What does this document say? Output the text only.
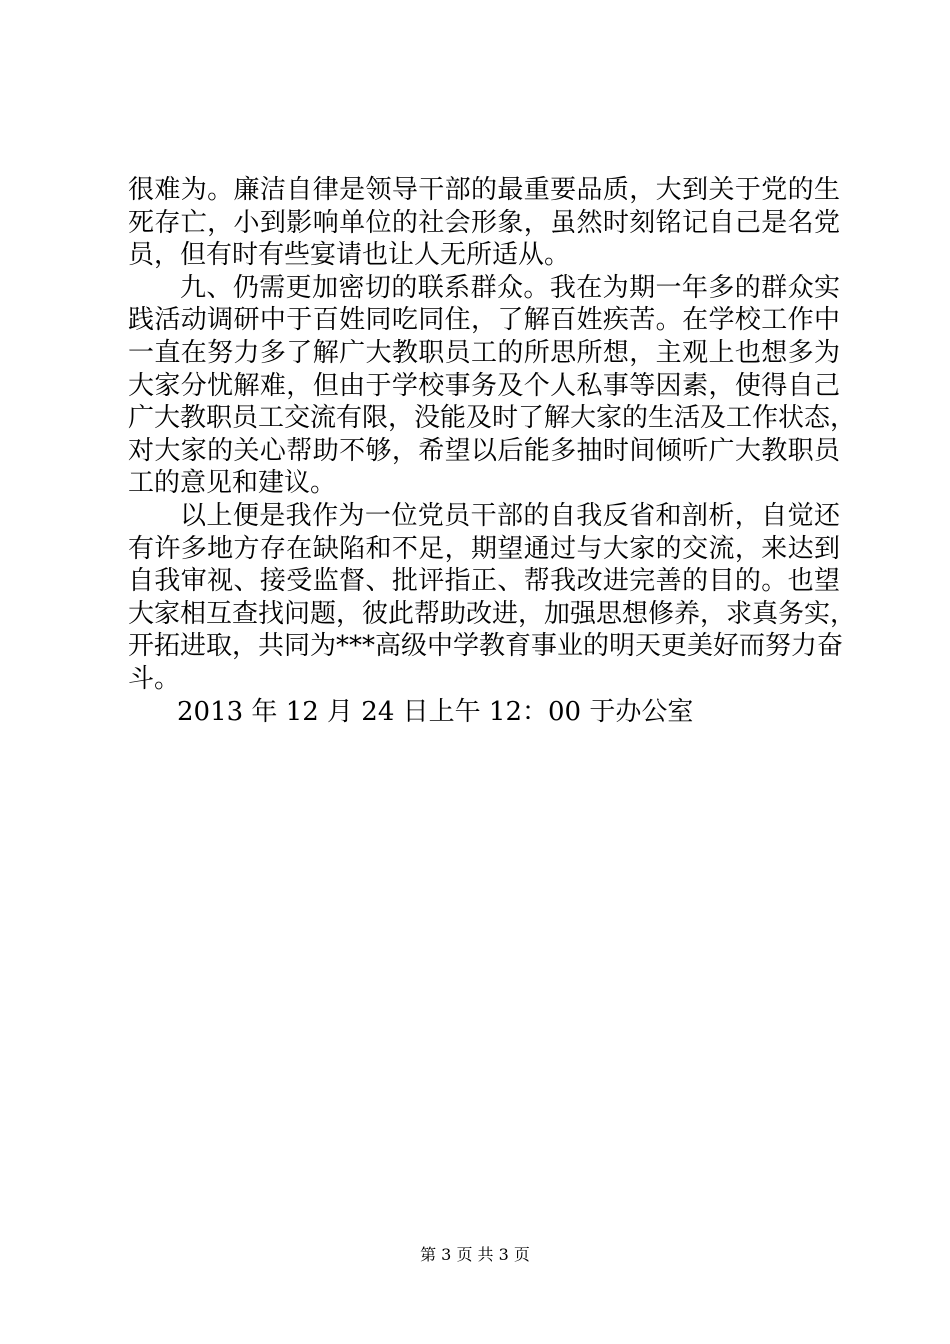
很难为。廉洁自律是领导干部的最重要品质，大到关于党的生
死存亡，小到影响单位的社会形象，虽然时刻铭记自己是名党
员，但有时有些宴请也让人无所适从。
九、仍需更加密切的联系群众。我在为期一年多的群众实
践活动调研中于百姓同吃同住，了解百姓疾苦。在学校工作中
一直在努力多了解广大教职员工的所思所想，主观上也想多为
大家分忧解难，但由于学校事务及个人私事等因素，使得自己
广大教职员工交流有限，没能及时了解大家的生活及工作状态，
对大家的关心帮助不够，希望以后能多抽时间倾听广大教职员
工的意见和建议。
以上便是我作为一位党员干部的自我反省和剖析，自觉还
有许多地方存在缺陷和不足，期望通过与大家的交流，来达到
自我审视、接受监督、批评指正、帮我改进完善的目的。也望
大家相互查找问题，彼此帮助改进，加强思想修养，求真务实，
开拓进取，共同为***高级中学教育事业的明天更美好而努力奋
斗。
2013 年 12 月 24 日上午 12：00 于办公室
第 3 页 共 3 页
